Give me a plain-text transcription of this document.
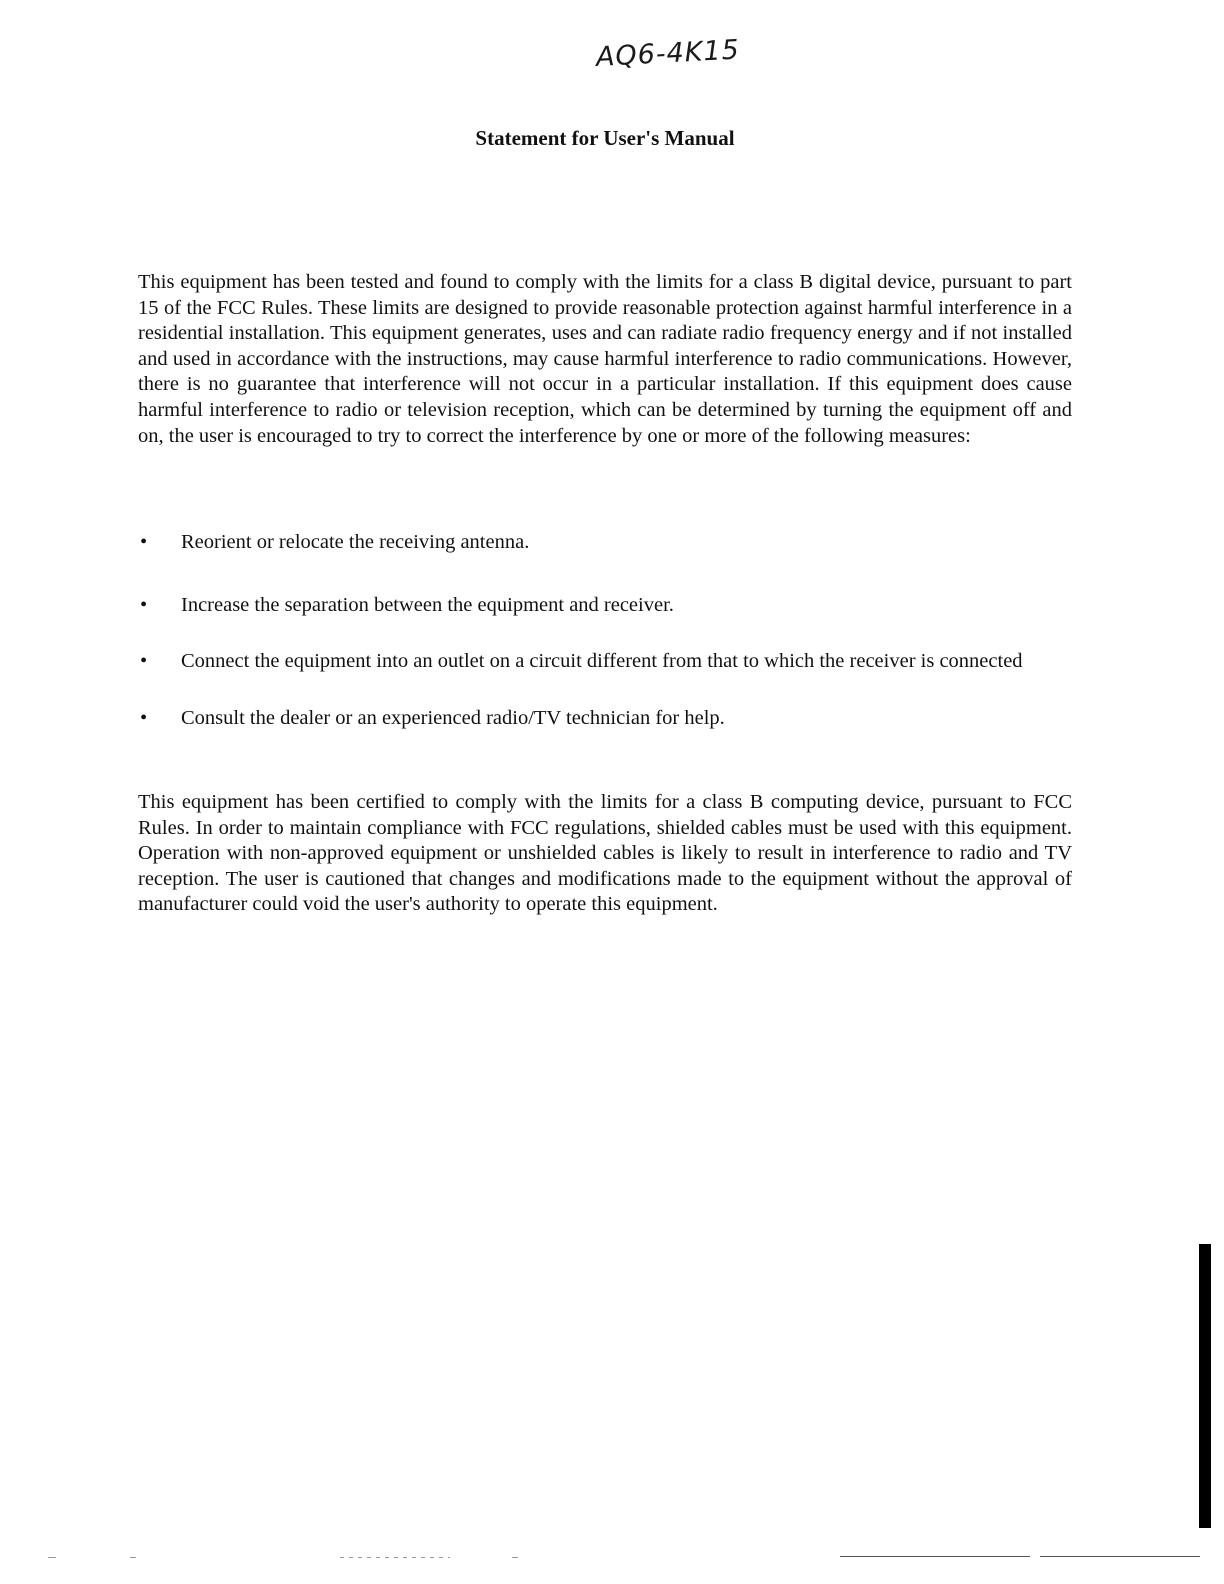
AQ6-4K15
Statement for User's Manual

This equipment has been tested and found to comply with the limits for a class B digital device, pursuant to part 15 of the FCC Rules. These limits are designed to provide reasonable protection against harmful interference in a residential installation. This equipment generates, uses and can radiate radio frequency energy and if not installed and used in accordance with the instructions, may cause harmful interference to radio communications. However, there is no guarantee that interference will not occur in a particular installation. If this equipment does cause harmful interference to radio or television reception, which can be determined by turning the equipment off and on, the user is encouraged to try to correct the interference by one or more of the following measures:

• Reorient or relocate the receiving antenna.
• Increase the separation between the equipment and receiver.
• Connect the equipment into an outlet on a circuit different from that to which the receiver is connected
• Consult the dealer or an experienced radio/TV technician for help.

This equipment has been certified to comply with the limits for a class B computing device, pursuant to FCC Rules. In order to maintain compliance with FCC regulations, shielded cables must be used with this equipment. Operation with non-approved equipment or unshielded cables is likely to result in interference to radio and TV reception. The user is cautioned that changes and modifications made to the equipment without the approval of manufacturer could void the user's authority to operate this equipment.
